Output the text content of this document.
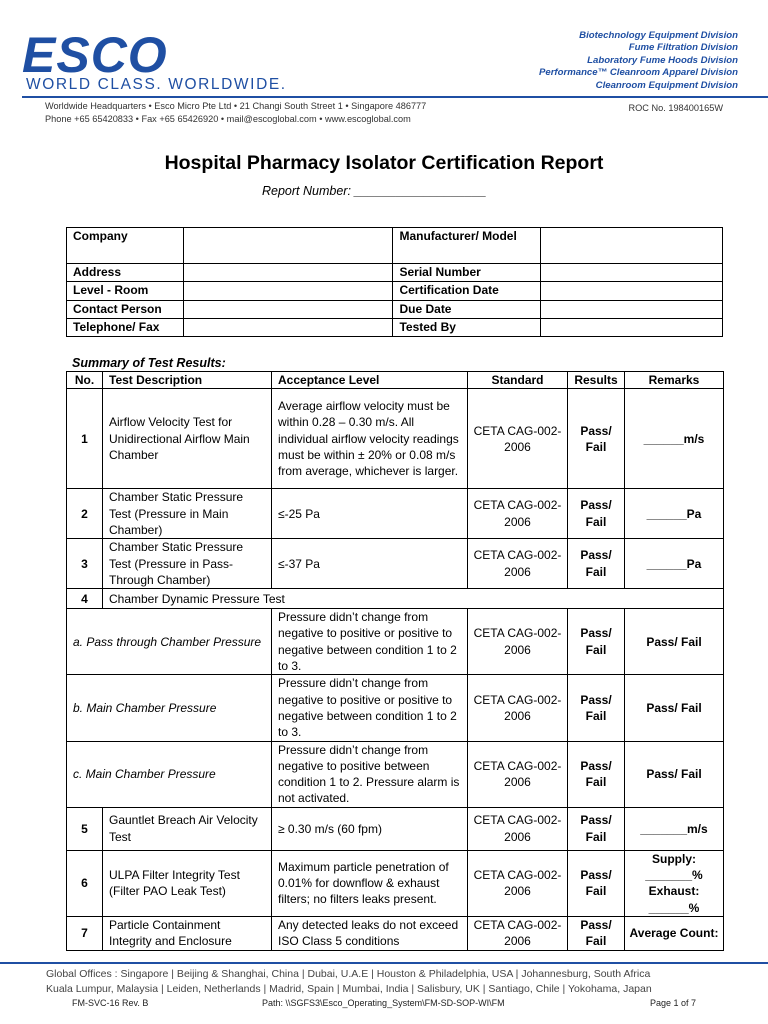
ESCO
WORLD CLASS. WORLDWIDE.
Biotechnology Equipment Division
Fume Filtration Division
Laboratory Fume Hoods Division
Performance™ Cleanroom Apparel Division
Cleanroom Equipment Division
Worldwide Headquarters • Esco Micro Pte Ltd • 21 Changi South Street 1 • Singapore 486777
Phone +65 65420833 • Fax +65 65426920 • mail@escoglobal.com • www.escoglobal.com
ROC No. 198400165W
Hospital Pharmacy Isolator Certification Report
Report Number: ___________________
Company		Manufacturer/ Model	
Address		Serial Number	
Level - Room		Certification Date	
Contact Person		Due Date	
Telephone/ Fax		Tested By	
Summary of Test Results:
No.	Test Description	Acceptance Level	Standard	Results	Remarks
1	Airflow Velocity Test for Unidirectional Airflow Main Chamber	Average airflow velocity must be within 0.28 – 0.30 m/s. All individual airflow velocity readings must be within ± 20% or 0.08 m/s from average, whichever is larger.	CETA CAG-002-2006	Pass/ Fail	______m/s
2	Chamber Static Pressure Test (Pressure in Main Chamber)	≤-25 Pa	CETA CAG-002-2006	Pass/ Fail	______Pa
3	Chamber Static Pressure Test (Pressure in Pass-Through Chamber)	≤-37 Pa	CETA CAG-002-2006	Pass/ Fail	______Pa
4	Chamber Dynamic Pressure Test				
a. Pass through Chamber Pressure		Pressure didn’t change from negative to positive or positive to negative between condition 1 to 2 to 3.	CETA CAG-002-2006	Pass/ Fail	Pass/ Fail
b. Main Chamber Pressure		Pressure didn’t change from negative to positive or positive to negative between condition 1 to 2 to 3.	CETA CAG-002-2006	Pass/ Fail	Pass/ Fail
c. Main Chamber Pressure		Pressure didn’t change from negative to positive between condition 1 to 2. Pressure alarm is not activated.	CETA CAG-002-2006	Pass/ Fail	Pass/ Fail
5	Gauntlet Breach Air Velocity Test	≥ 0.30 m/s (60 fpm)	CETA CAG-002-2006	Pass/ Fail	_______m/s
6	ULPA Filter Integrity Test (Filter PAO Leak Test)	Maximum particle penetration of 0.01% for downflow & exhaust filters; no filters leaks present.	CETA CAG-002-2006	Pass/ Fail	Supply: _______% Exhaust: ______%
7	Particle Containment Integrity and Enclosure	Any detected leaks do not exceed ISO Class 5 conditions	CETA CAG-002-2006	Pass/ Fail	Average Count:
Global Offices : Singapore | Beijing & Shanghai, China | Dubai, U.A.E | Houston & Philadelphia, USA | Johannesburg, South Africa
Kuala Lumpur, Malaysia | Leiden, Netherlands | Madrid, Spain | Mumbai, India | Salisbury, UK | Santiago, Chile | Yokohama, Japan
FM-SVC-16 Rev. B	Path: \\SGFS3\Esco_Operating_System\FM-SD-SOP-WI\FM	Page 1 of 7
